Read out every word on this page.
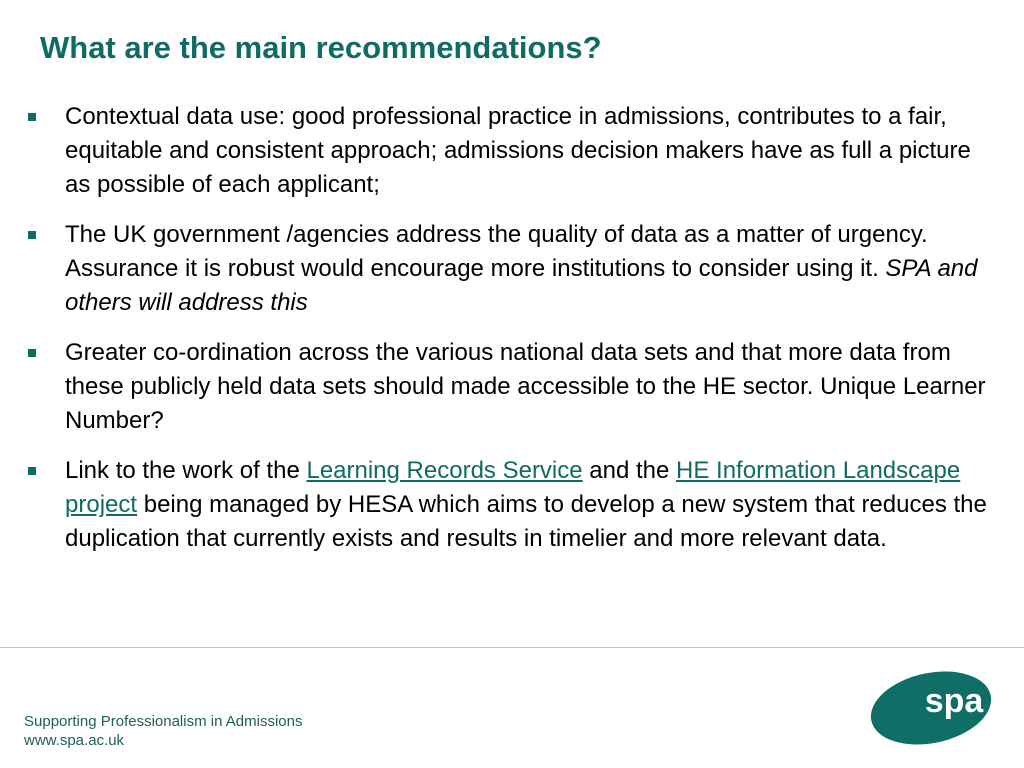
What are the main recommendations?
Contextual data use: good professional practice in admissions, contributes to a fair, equitable and consistent approach; admissions decision makers have as full a picture as possible of each applicant;
The UK government /agencies address the quality of data as a matter of urgency. Assurance it is robust would encourage more institutions to consider using it. SPA and others will address this
Greater co-ordination across the various national data sets and that more data from these publicly held data sets should made accessible to the HE sector. Unique Learner Number?
Link to the work of the Learning Records Service and the HE Information Landscape project being managed by HESA which aims to develop a new system that reduces the duplication that currently exists and results in timelier and more relevant data.
Supporting Professionalism in Admissions
www.spa.ac.uk
spa
